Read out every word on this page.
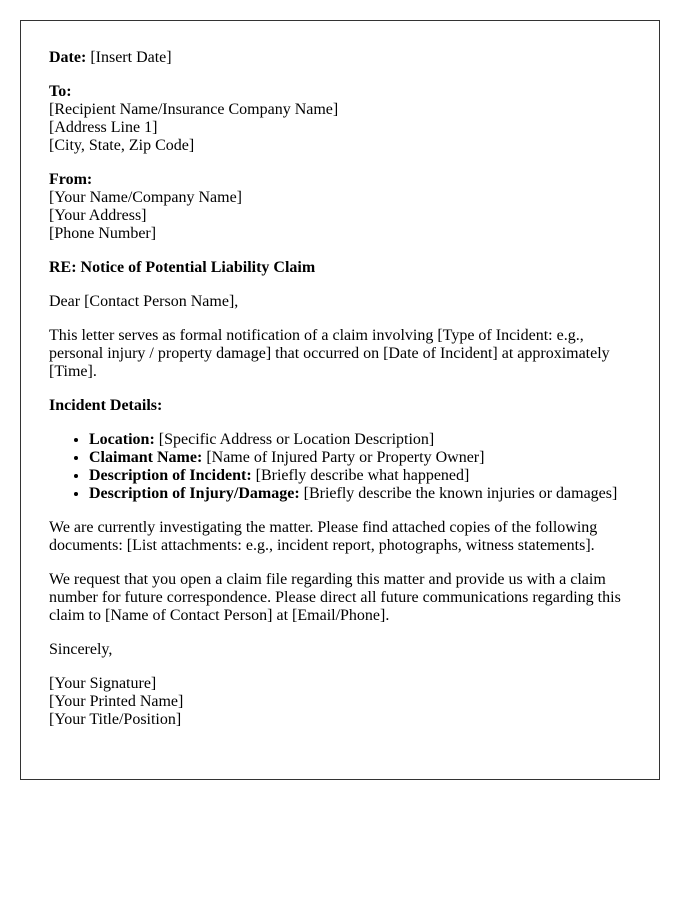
Date: [Insert Date]
To:
[Recipient Name/Insurance Company Name]
[Address Line 1]
[City, State, Zip Code]
From:
[Your Name/Company Name]
[Your Address]
[Phone Number]
RE: Notice of Potential Liability Claim
Dear [Contact Person Name],
This letter serves as formal notification of a claim involving [Type of Incident: e.g., personal injury / property damage] that occurred on [Date of Incident] at approximately [Time].
Incident Details:
• Location: [Specific Address or Location Description]
• Claimant Name: [Name of Injured Party or Property Owner]
• Description of Incident: [Briefly describe what happened]
• Description of Injury/Damage: [Briefly describe the known injuries or damages]
We are currently investigating the matter. Please find attached copies of the following documents: [List attachments: e.g., incident report, photographs, witness statements].
We request that you open a claim file regarding this matter and provide us with a claim number for future correspondence. Please direct all future communications regarding this claim to [Name of Contact Person] at [Email/Phone].
Sincerely,
[Your Signature]
[Your Printed Name]
[Your Title/Position]
